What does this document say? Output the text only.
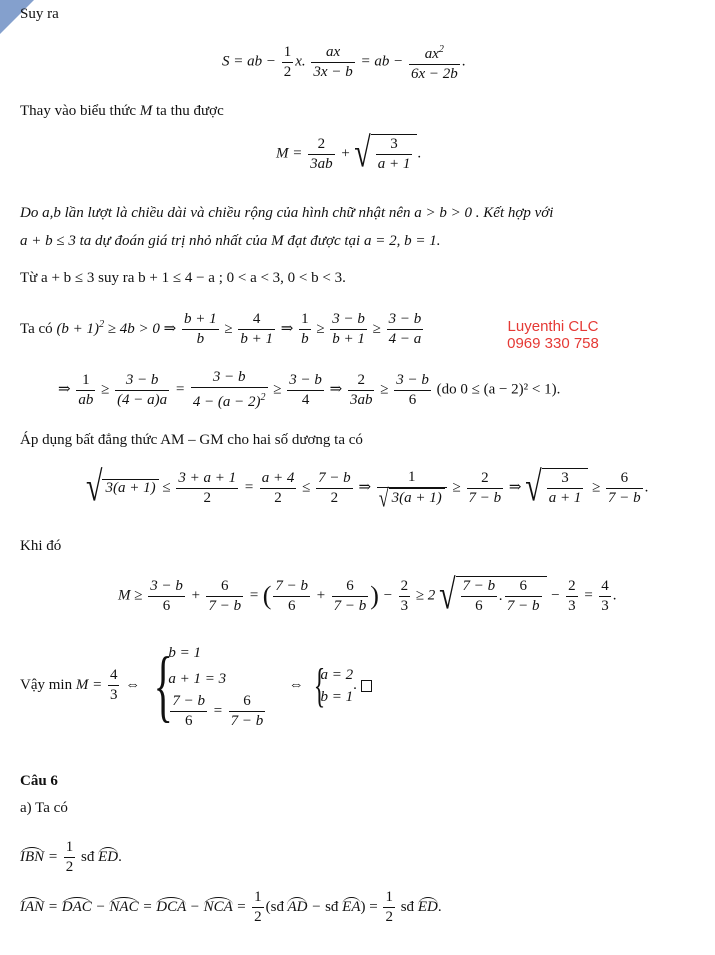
Suy ra
S = ab − $\frac{1}{2} x$. $\frac{ax}{3x - b}$ = ab − $\frac{ax^2}{6x - 2b}$ .
Thay vào biểu thức M ta thu được
$M = \frac{2}{3ab}$ + √ $\frac{3}{a + 1}$ .
Do a,b lần lượt là chiều dài và chiều rộng của hình chữ nhật nên a > b > 0 . Kết hợp với
a + b ≤ 3 ta dự đoán giá trị nhỏ nhất của M đạt được tại a = 2, b = 1.
Từ a + b ≤ 3 suy ra b + 1 ≤ 4 − a ; 0 < a < 3, 0 < b < 3.
Ta có $(b + 1)^2 \ge 4b > 0$ ⇒ $\frac{b + 1}{b} \ge \frac{4}{b + 1}$ ⇒ $\frac{1}{b} \ge \frac{3 - b}{b + 1} \ge \frac{3 - b}{4 - a}$	Luyenthi CLC
0969 330 758
⇒ $\frac{1}{ab} \ge \frac{3 - b}{(4 - a)a} = \frac{3 - b}{4 - (a - 2)^2} \ge \frac{3 - b}{4}$ ⇒ $\frac{2}{3ab} \ge \frac{3 - b}{6} (do$ 0 ≤ (a − 2)² < 1).
Áp dụng bất đẳng thức AM – GM cho hai số dương ta có
√ $3(a + 1) \le \frac{3 + a + 1}{2} = \frac{a + 4}{2} \le \frac{7 - b}{2}$ ⇒ $\frac{1}{√ 3(a + 1)} \ge \frac{2}{7 - b}$ ⇒ √ $\frac{3}{a + 1} \ge \frac{6}{7 - b}$ .
Khi đó
$M \ge \frac{3 - b}{6} + \frac{6}{7 - b}$ = ( $\frac{7 - b}{6} + \frac{6}{7 - b}$ ) − $\frac{2}{3} \ge 2$ √ $\frac{7 - b}{6}$ . $\frac{6}{7 - b} - \frac{2}{3} = \frac{4}{3}$ .
Vậy $\min M = \frac{4}{3}$ ⇔ {
b = 1
a + 1 = 3
$\frac{7 - b}{6} = \frac{6}{7 - b}$
⇔ {
a = 2
b = 1
.
Câu 6
a) Ta có
IBN = $\frac{1}{2}$ sđ ED.
IAN = DAC − NAC = DCA − NCA = $\frac{1}{2}$ (sđ AD − sđ $EA) = \frac{1}{2}$ sđ ED.
